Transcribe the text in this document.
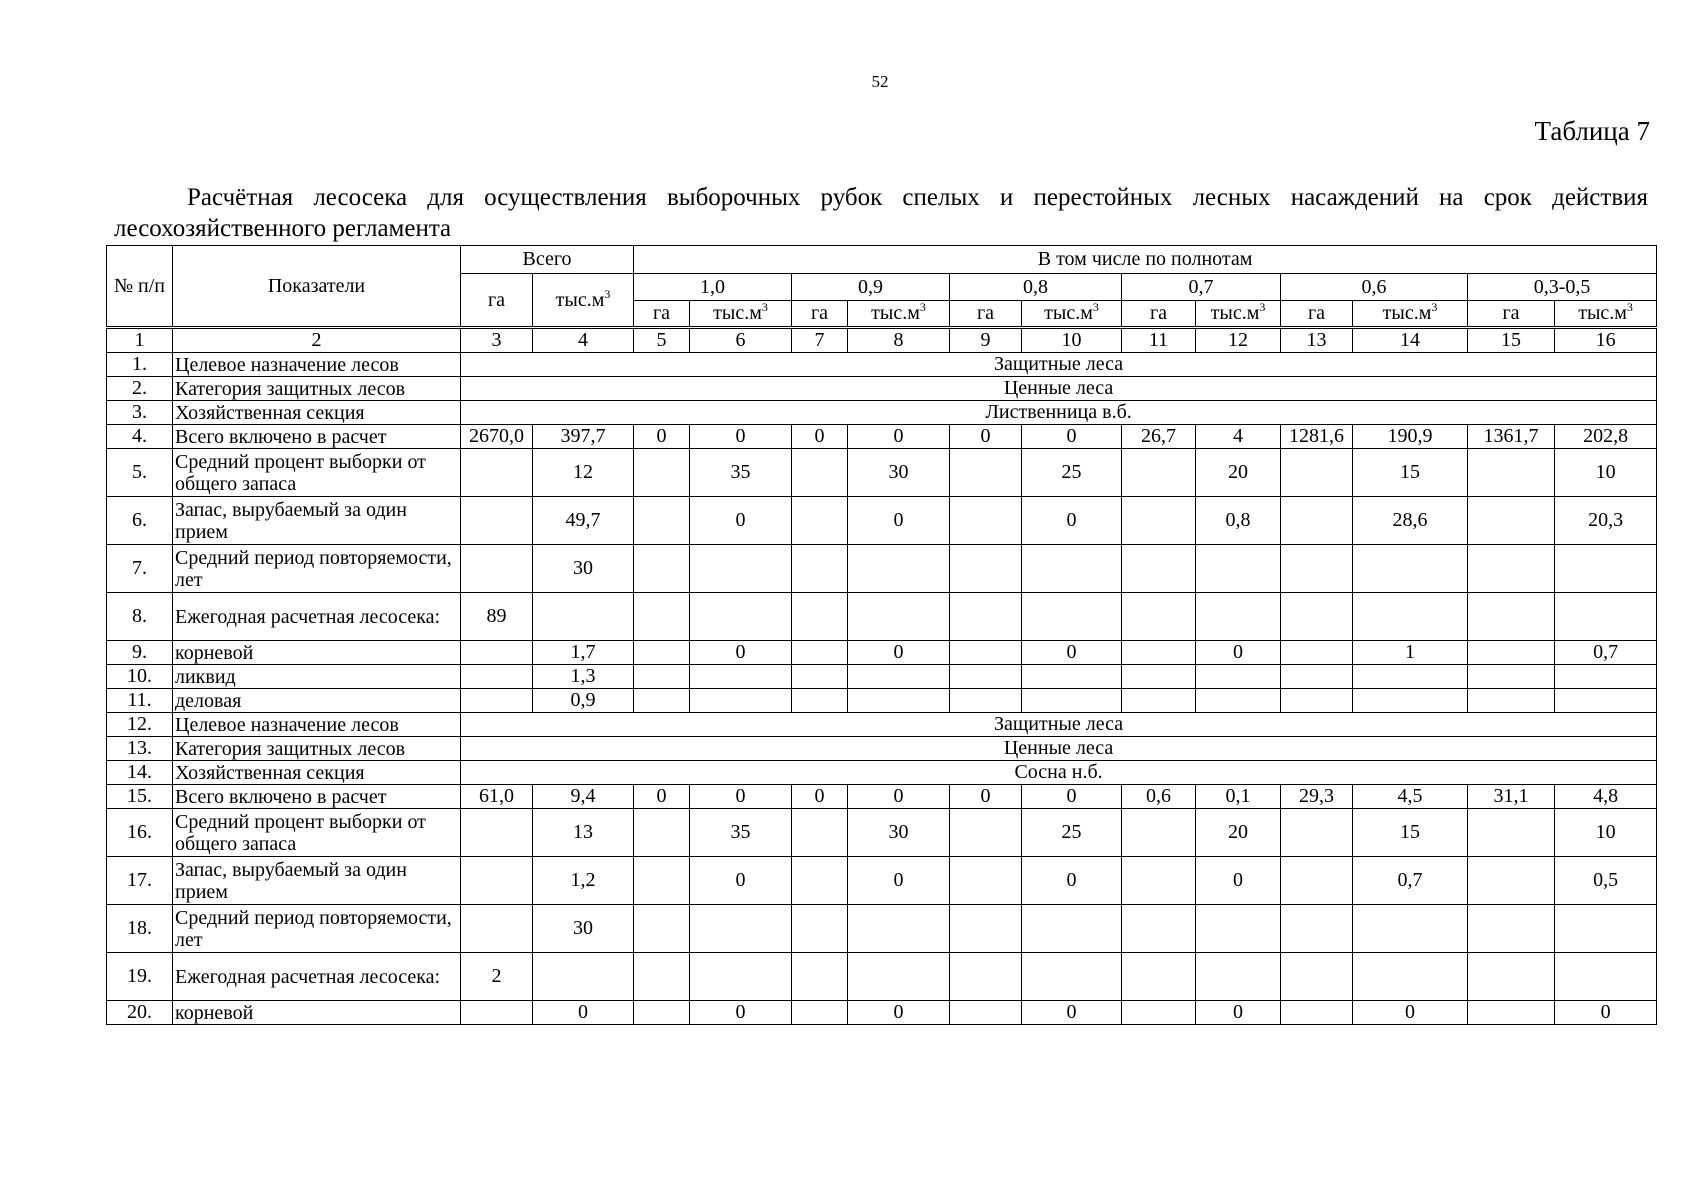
52
Таблица 7
Расчётная лесосека для осуществления выборочных рубок спелых и перестойных лесных насаждений на срок действия лесохозяйственного регламента
№ п/п	Показатели	Всего		В том числе по полнотам											
		га	$тыс.м^3$	1,0		0,9		0,8		0,7		0,6		0,3-0,5	
				га	$тыс.м^3$	га	$тыс.м^3$	га	$тыс.м^3$	га	$тыс.м^3$	га	$тыс.м^3$	га	$тыс.м^3$
1	2	3	4	5	6	7	8	9	10	11	12	13	14	15	16
1.	Целевое назначение лесов	Защитные леса													
2.	Категория защитных лесов	Ценные леса													
3.	Хозяйственная секция	Лиственница в.б.													
4.	Всего включено в расчет	2670,0	397,7	0	0	0	0	0	0	26,7	4	1281,6	190,9	1361,7	202,8
5.	Средний процент выборки от общего запаса		12		35		30		25		20		15		10
6.	Запас, вырубаемый за один прием		49,7		0		0		0		0,8		28,6		20,3
7.	Средний период повторяемости, лет		30												
8.	Ежегодная расчетная лесосека:	89													
9.	корневой		1,7		0		0		0		0		1		0,7
10.	ликвид		1,3												
11.	деловая		0,9												
12.	Целевое назначение лесов	Защитные леса													
13.	Категория защитных лесов	Ценные леса													
14.	Хозяйственная секция	Сосна н.б.													
15.	Всего включено в расчет	61,0	9,4	0	0	0	0	0	0	0,6	0,1	29,3	4,5	31,1	4,8
16.	Средний процент выборки от общего запаса		13		35		30		25		20		15		10
17.	Запас, вырубаемый за один прием		1,2		0		0		0		0		0,7		0,5
18.	Средний период повторяемости, лет		30												
19.	Ежегодная расчетная лесосека:	2													
20.	корневой		0		0		0		0		0		0		0
